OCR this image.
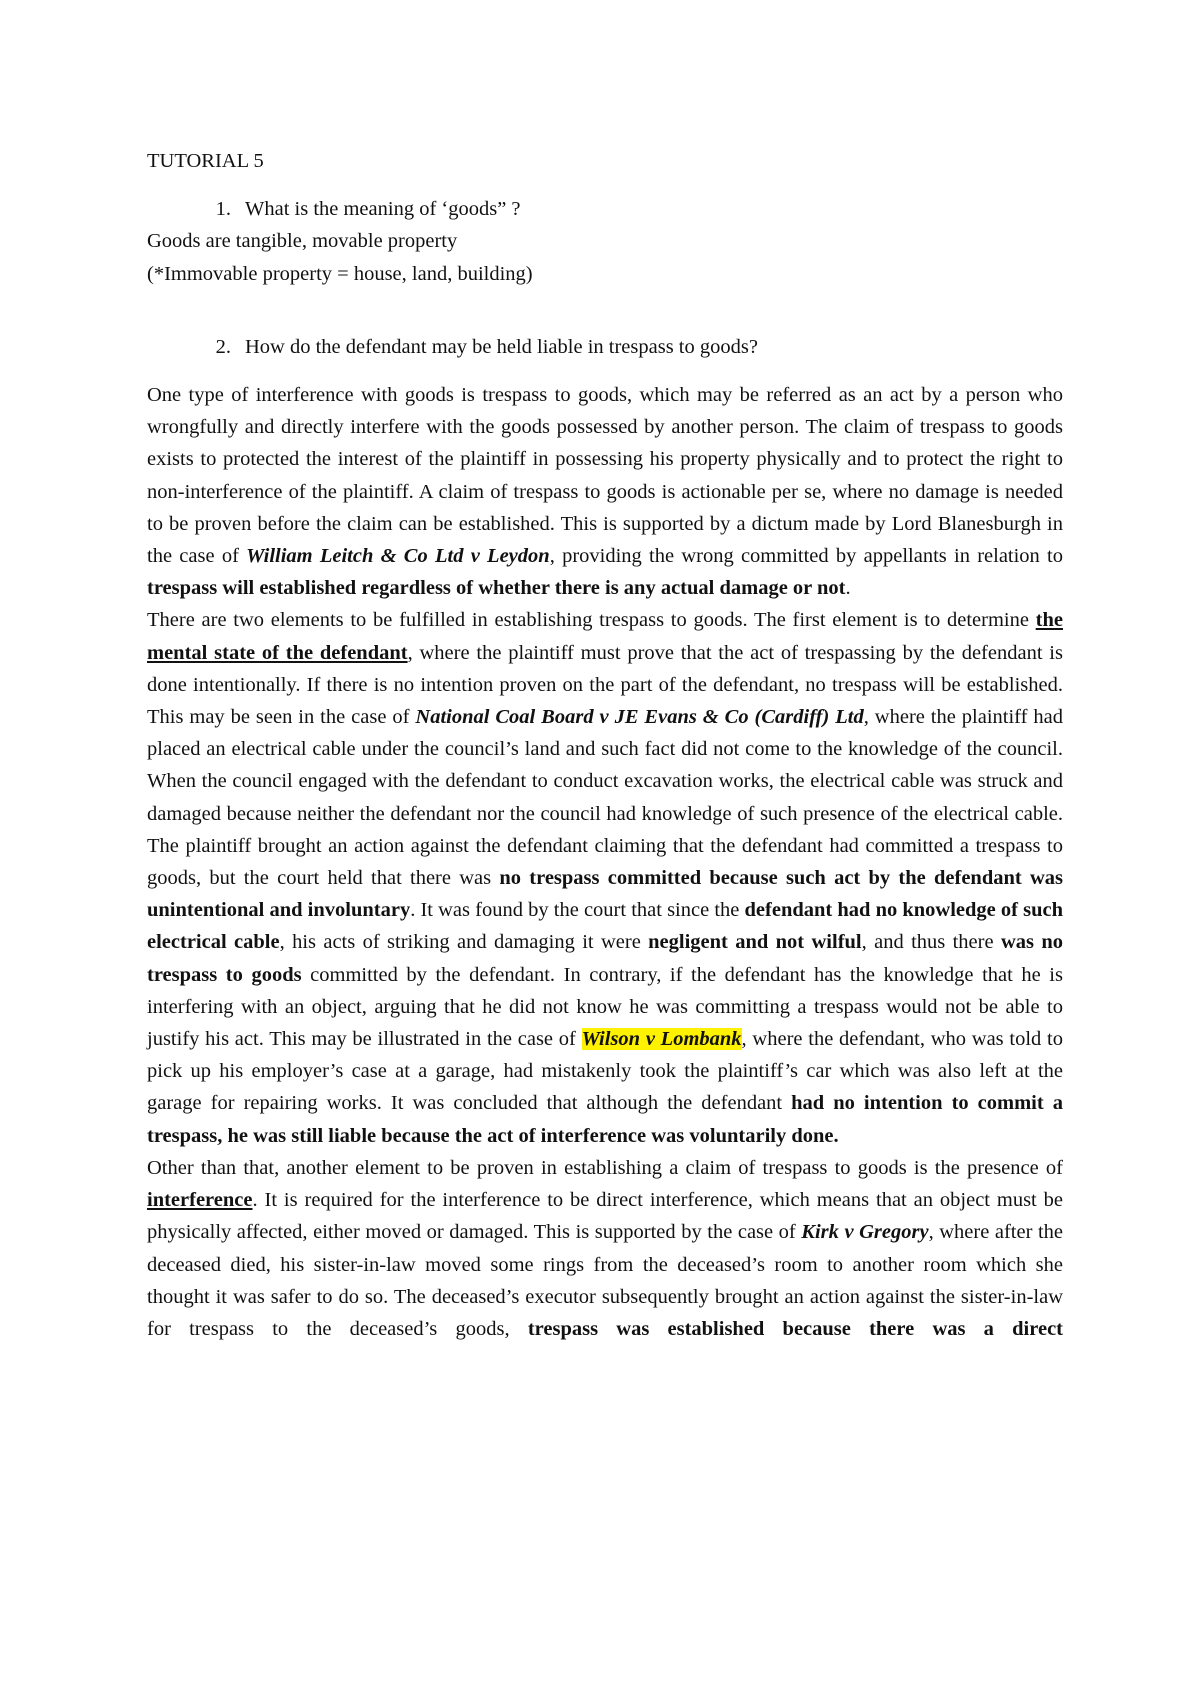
TUTORIAL 5

1. What is the meaning of ‘goods” ?

Goods are tangible, movable property

(*Immovable property = house, land, building)

2. How do the defendant may be held liable in trespass to goods?

One type of interference with goods is trespass to goods, which may be referred as an act by a person who wrongfully and directly interfere with the goods possessed by another person. The claim of trespass to goods exists to protected the interest of the plaintiff in possessing his property physically and to protect the right to non-interference of the plaintiff. A claim of trespass to goods is actionable per se, where no damage is needed to be proven before the claim can be established. This is supported by a dictum made by Lord Blanesburgh in the case of William Leitch & Co Ltd v Leydon, providing the wrong committed by appellants in relation to trespass will established regardless of whether there is any actual damage or not.

There are two elements to be fulfilled in establishing trespass to goods. The first element is to determine the mental state of the defendant, where the plaintiff must prove that the act of trespassing by the defendant is done intentionally. If there is no intention proven on the part of the defendant, no trespass will be established. This may be seen in the case of National Coal Board v JE Evans & Co (Cardiff) Ltd, where the plaintiff had placed an electrical cable under the council’s land and such fact did not come to the knowledge of the council. When the council engaged with the defendant to conduct excavation works, the electrical cable was struck and damaged because neither the defendant nor the council had knowledge of such presence of the electrical cable. The plaintiff brought an action against the defendant claiming that the defendant had committed a trespass to goods, but the court held that there was no trespass committed because such act by the defendant was unintentional and involuntary. It was found by the court that since the defendant had no knowledge of such electrical cable, his acts of striking and damaging it were negligent and not wilful, and thus there was no trespass to goods committed by the defendant. In contrary, if the defendant has the knowledge that he is interfering with an object, arguing that he did not know he was committing a trespass would not be able to justify his act. This may be illustrated in the case of Wilson v Lombank, where the defendant, who was told to pick up his employer’s case at a garage, had mistakenly took the plaintiff’s car which was also left at the garage for repairing works. It was concluded that although the defendant had no intention to commit a trespass, he was still liable because the act of interference was voluntarily done.

Other than that, another element to be proven in establishing a claim of trespass to goods is the presence of interference. It is required for the interference to be direct interference, which means that an object must be physically affected, either moved or damaged. This is supported by the case of Kirk v Gregory, where after the deceased died, his sister-in-law moved some rings from the deceased’s room to another room which she thought it was safer to do so. The deceased’s executor subsequently brought an action against the sister-in-law for trespass to the deceased’s goods, trespass was established because there was a direct
